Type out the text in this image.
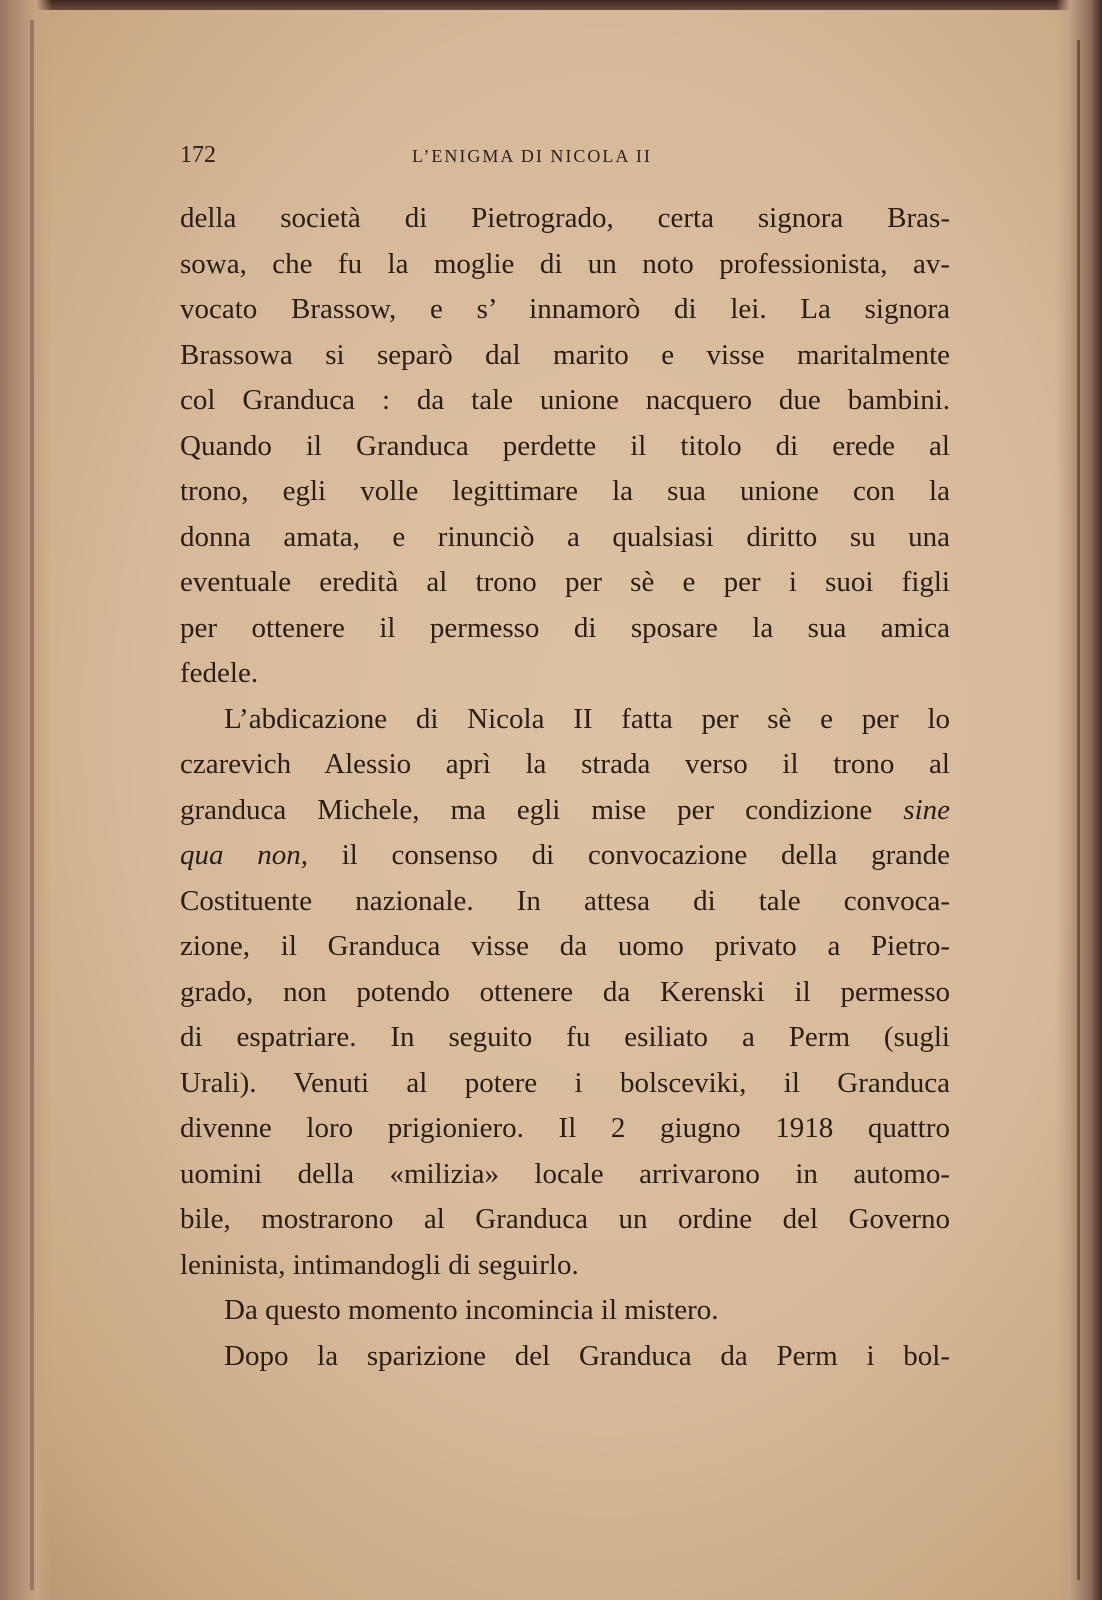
172	L’ENIGMA DI NICOLA II
della società di Pietrogrado, certa signora Bras-
sowa, che fu la moglie di un noto professionista, av-
vocato Brassow, e s’ innamorò di lei. La signora
Brassowa si separò dal marito e visse maritalmente
col Granduca : da tale unione nacquero due bambini.
Quando il Granduca perdette il titolo di erede al
trono, egli volle legittimare la sua unione con la
donna amata, e rinunciò a qualsiasi diritto su una
eventuale eredità al trono per sè e per i suoi figli
per ottenere il permesso di sposare la sua amica
fedele.
L’abdicazione di Nicola II fatta per sè e per lo
czarevich Alessio aprì la strada verso il trono al
granduca Michele, ma egli mise per condizione sine
qua non, il consenso di convocazione della grande
Costituente nazionale. In attesa di tale convoca-
zione, il Granduca visse da uomo privato a Pietro-
grado, non potendo ottenere da Kerenski il permesso
di espatriare. In seguito fu esiliato a Perm (sugli
Urali). Venuti al potere i bolsceviki, il Granduca
divenne loro prigioniero. Il 2 giugno 1918 quattro
uomini della «milizia» locale arrivarono in automo-
bile, mostrarono al Granduca un ordine del Governo
leninista, intimandogli di seguirlo.
Da questo momento incomincia il mistero.
Dopo la sparizione del Granduca da Perm i bol-
